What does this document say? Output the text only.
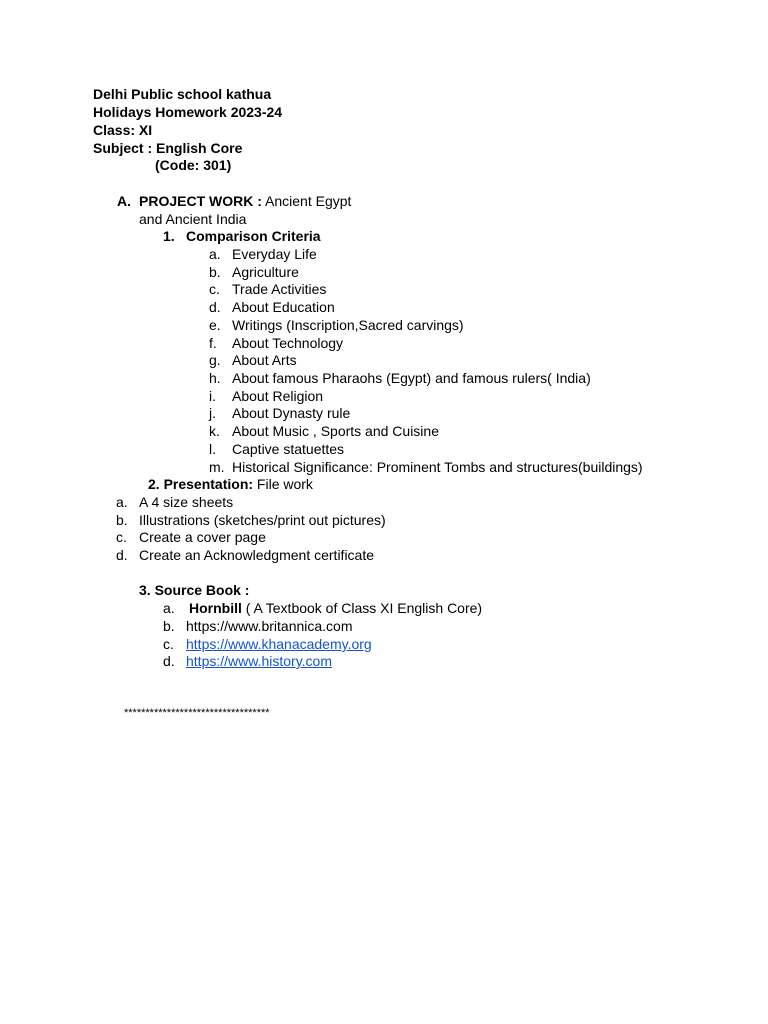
Delhi Public school kathua
Holidays Homework 2023-24
Class: XI
Subject : English Core
(Code: 301)
A. PROJECT WORK : Ancient Egypt
and Ancient India
1. Comparison Criteria
a. Everyday Life
b. Agriculture
c. Trade Activities
d. About Education
e. Writings (Inscription,Sacred carvings)
f. About Technology
g. About Arts
h. About famous Pharaohs (Egypt) and famous rulers( India)
i. About Religion
j. About Dynasty rule
k. About Music , Sports and Cuisine
l. Captive statuettes
m. Historical Significance: Prominent Tombs and structures(buildings)
2. Presentation: File work
a. A 4 size sheets
b. Illustrations (sketches/print out pictures)
c. Create a cover page
d. Create an Acknowledgment certificate
3. Source Book :
a. Hornbill ( A Textbook of Class XI English Core)
b. https://www.britannica.com
c. https://www.khanacademy.org
d. https://www.history.com
**********************************
